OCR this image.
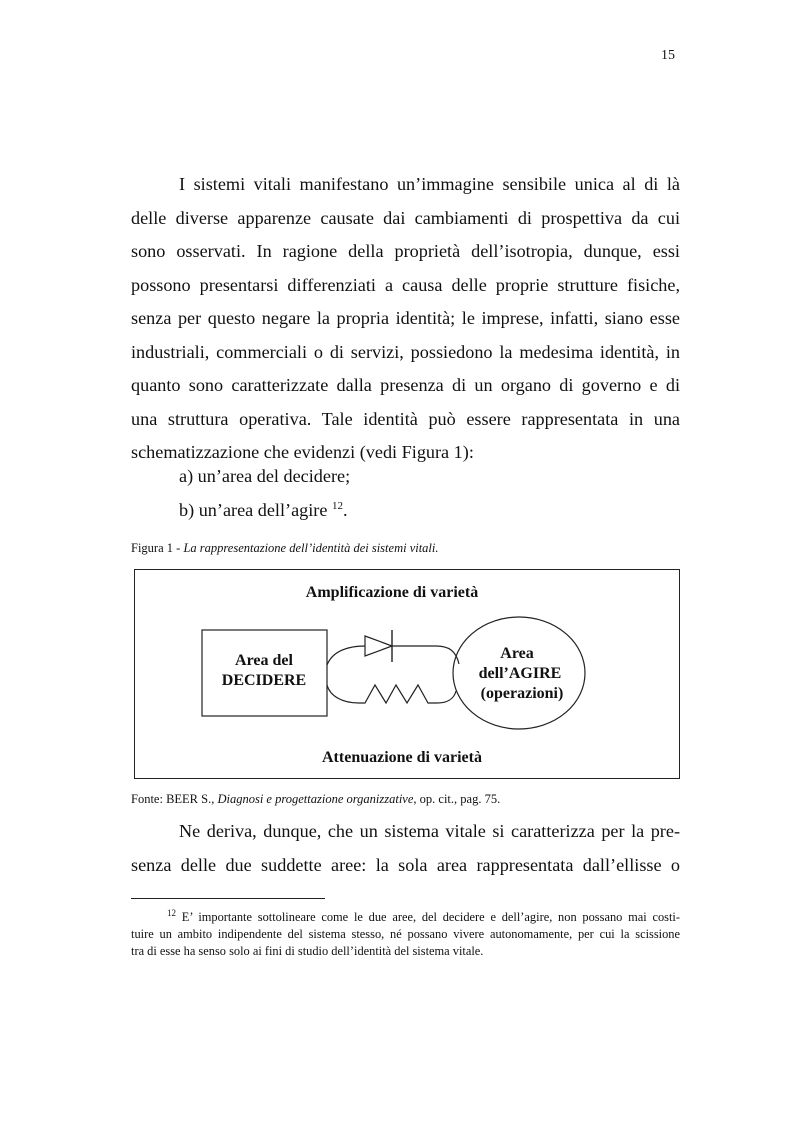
15
I sistemi vitali manifestano un’immagine sensibile unica al di là
delle diverse apparenze causate dai cambiamenti di prospettiva da cui
sono osservati. In ragione della proprietà dell’isotropia, dunque, essi
possono presentarsi differenziati a causa delle proprie strutture fisiche,
senza per questo negare la propria identità; le imprese, infatti, siano esse
industriali, commerciali o di servizi, possiedono la medesima identità, in
quanto sono caratterizzate dalla presenza di un organo di governo e di
una struttura operativa. Tale identità può essere rappresentata in una
schematizzazione che evidenzi (vedi Figura 1):
a) un’area del decidere;
b) un’area dell’agire $^{12}$.
Figura 1 - La rappresentazione dell’identità dei sistemi vitali.
Amplificazione di varietà
Attenuazione di varietà
Area del
DECIDERE
Area
dell’AGIRE
(operazioni)
Fonte: BEER S., Diagnosi e progettazione organizzative, op. cit., pag. 75.
Ne deriva, dunque, che un sistema vitale si caratterizza per la pre-
senza delle due suddette aree: la sola area rappresentata dall’ellisse o
$^{12}$ E’ importante sottolineare come le due aree, del decidere e dell’agire, non possano mai costi-
tuire un ambito indipendente del sistema stesso, né possano vivere autonomamente, per cui la scissione
tra di esse ha senso solo ai fini di studio dell’identità del sistema vitale.
